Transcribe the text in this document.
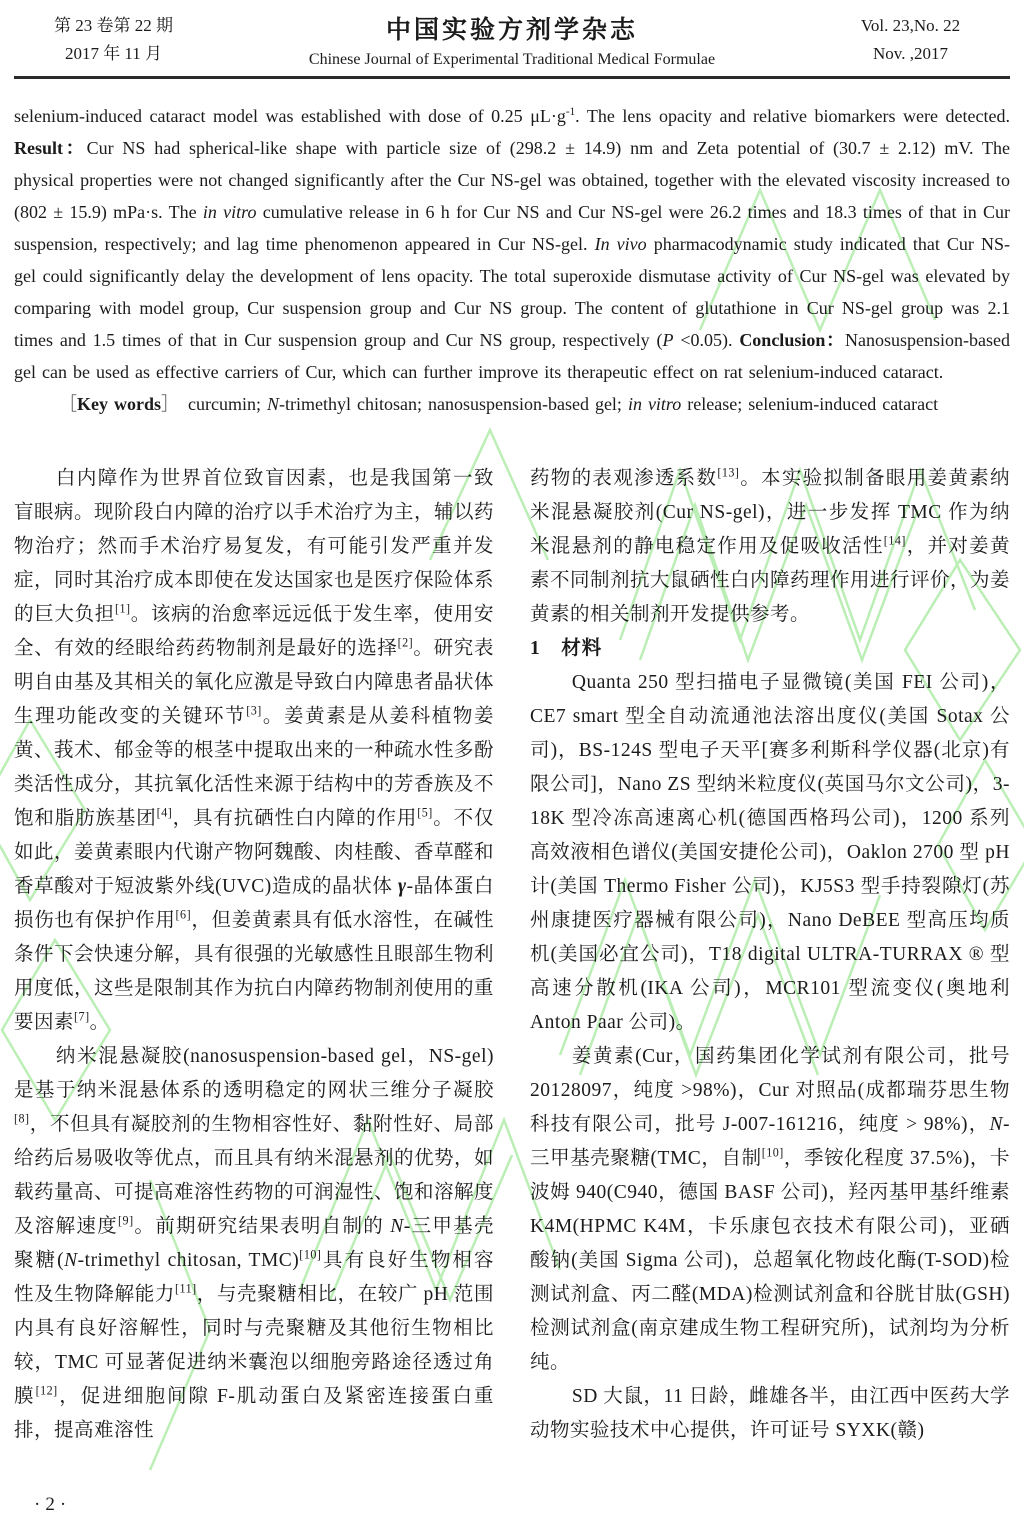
第 23 卷第 22 期
2017 年 11 月
中国实验方剂学杂志
Chinese Journal of Experimental Traditional Medical Formulae
Vol. 23,No. 22
Nov. ,2017

selenium-induced cataract model was established with dose of 0.25 $\mu L\cdot g^{-1}$. The lens opacity and relative biomarkers were detected. Result：Cur NS had spherical-like shape with particle size of (298.2 ± 14.9) nm and Zeta potential of (30.7 ± 2.12) mV. The physical properties were not changed significantly after the Cur NS-gel was obtained, together with the elevated viscosity increased to (802 ± 15.9) mPa·s. The in vitro cumulative release in 6 h for Cur NS and Cur NS-gel were 26.2 times and 18.3 times of that in Cur suspension, respectively; and lag time phenomenon appeared in Cur NS-gel. In vivo pharmacodynamic study indicated that Cur NS-gel could significantly delay the development of lens opacity. The total superoxide dismutase activity of Cur NS-gel was elevated by comparing with model group, Cur suspension group and Cur NS group. The content of glutathione in Cur NS-gel group was 2.1 times and 1.5 times of that in Cur suspension group and Cur NS group, respectively (P <0.05). Conclusion：Nanosuspension-based gel can be used as effective carriers of Cur, which can further improve its therapeutic effect on rat selenium-induced cataract.

［Key words］　curcumin; N-trimethyl chitosan; nanosuspension-based gel; in vitro release; selenium-induced cataract

白内障作为世界首位致盲因素，也是我国第一致盲眼病。现阶段白内障的治疗以手术治疗为主，辅以药物治疗；然而手术治疗易复发，有可能引发严重并发症，同时其治疗成本即使在发达国家也是医疗保险体系的巨大负担[1]。该病的治愈率远远低于发生率，使用安全、有效的经眼给药药物制剂是最好的选择[2]。研究表明自由基及其相关的氧化应激是导致白内障患者晶状体生理功能改变的关键环节[3]。姜黄素是从姜科植物姜黄、莪术、郁金等的根茎中提取出来的一种疏水性多酚类活性成分，其抗氧化活性来源于结构中的芳香族及不饱和脂肪族基团[4]，具有抗硒性白内障的作用[5]。不仅如此，姜黄素眼内代谢产物阿魏酸、肉桂酸、香草醛和香草酸对于短波紫外线(UVC)造成的晶状体 γ-晶体蛋白损伤也有保护作用[6]，但姜黄素具有低水溶性，在碱性条件下会快速分解，具有很强的光敏感性且眼部生物利用度低，这些是限制其作为抗白内障药物制剂使用的重要因素[7]。

纳米混悬凝胶(nanosuspension-based gel，NS-gel)是基于纳米混悬体系的透明稳定的网状三维分子凝胶[8]，不但具有凝胶剂的生物相容性好、黏附性好、局部给药后易吸收等优点，而且具有纳米混悬剂的优势，如载药量高、可提高难溶性药物的可润湿性、饱和溶解度及溶解速度[9]。前期研究结果表明自制的 N-三甲基壳聚糖(N-trimethyl chitosan, TMC)[10]具有良好生物相容性及生物降解能力[11]，与壳聚糖相比，在较广 pH 范围内具有良好溶解性，同时与壳聚糖及其他衍生物相比较，TMC 可显著促进纳米囊泡以细胞旁路途径透过角膜[12]，促进细胞间隙 F-肌动蛋白及紧密连接蛋白重排，提高难溶性

药物的表观渗透系数[13]。本实验拟制备眼用姜黄素纳米混悬凝胶剂(Cur NS-gel)，进一步发挥 TMC 作为纳米混悬剂的静电稳定作用及促吸收活性[14]，并对姜黄素不同制剂抗大鼠硒性白内障药理作用进行评价，为姜黄素的相关制剂开发提供参考。

1　材料

Quanta 250 型扫描电子显微镜(美国 FEI 公司)，CE7 smart 型全自动流通池法溶出度仪(美国 Sotax 公司)，BS-124S 型电子天平[赛多利斯科学仪器(北京)有限公司]，Nano ZS 型纳米粒度仪(英国马尔文公司)，3-18K 型冷冻高速离心机(德国西格玛公司)，1200 系列高效液相色谱仪(美国安捷伦公司)，Oaklon 2700 型 pH 计(美国 Thermo Fisher 公司)，KJ5S3 型手持裂隙灯(苏州康捷医疗器械有限公司)，Nano DeBEE 型高压均质机(美国必宜公司)，T18 digital ULTRA-TURRAX ® 型高速分散机(IKA 公司)，MCR101 型流变仪(奥地利 Anton Paar 公司)。

姜黄素(Cur，国药集团化学试剂有限公司，批号 20128097，纯度 >98%)，Cur 对照品(成都瑞芬思生物科技有限公司，批号 J-007-161216，纯度 > 98%)，N-三甲基壳聚糖(TMC，自制[10]，季铵化程度 37.5%)，卡波姆 940(C940，德国 BASF 公司)，羟丙基甲基纤维素 K4M(HPMC K4M，卡乐康包衣技术有限公司)，亚硒酸钠(美国 Sigma 公司)，总超氧化物歧化酶(T-SOD)检测试剂盒、丙二醛(MDA)检测试剂盒和谷胱甘肽(GSH)检测试剂盒(南京建成生物工程研究所)，试剂均为分析纯。

SD 大鼠，11 日龄，雌雄各半，由江西中医药大学动物实验技术中心提供，许可证号 SYXK(赣)

·2·
